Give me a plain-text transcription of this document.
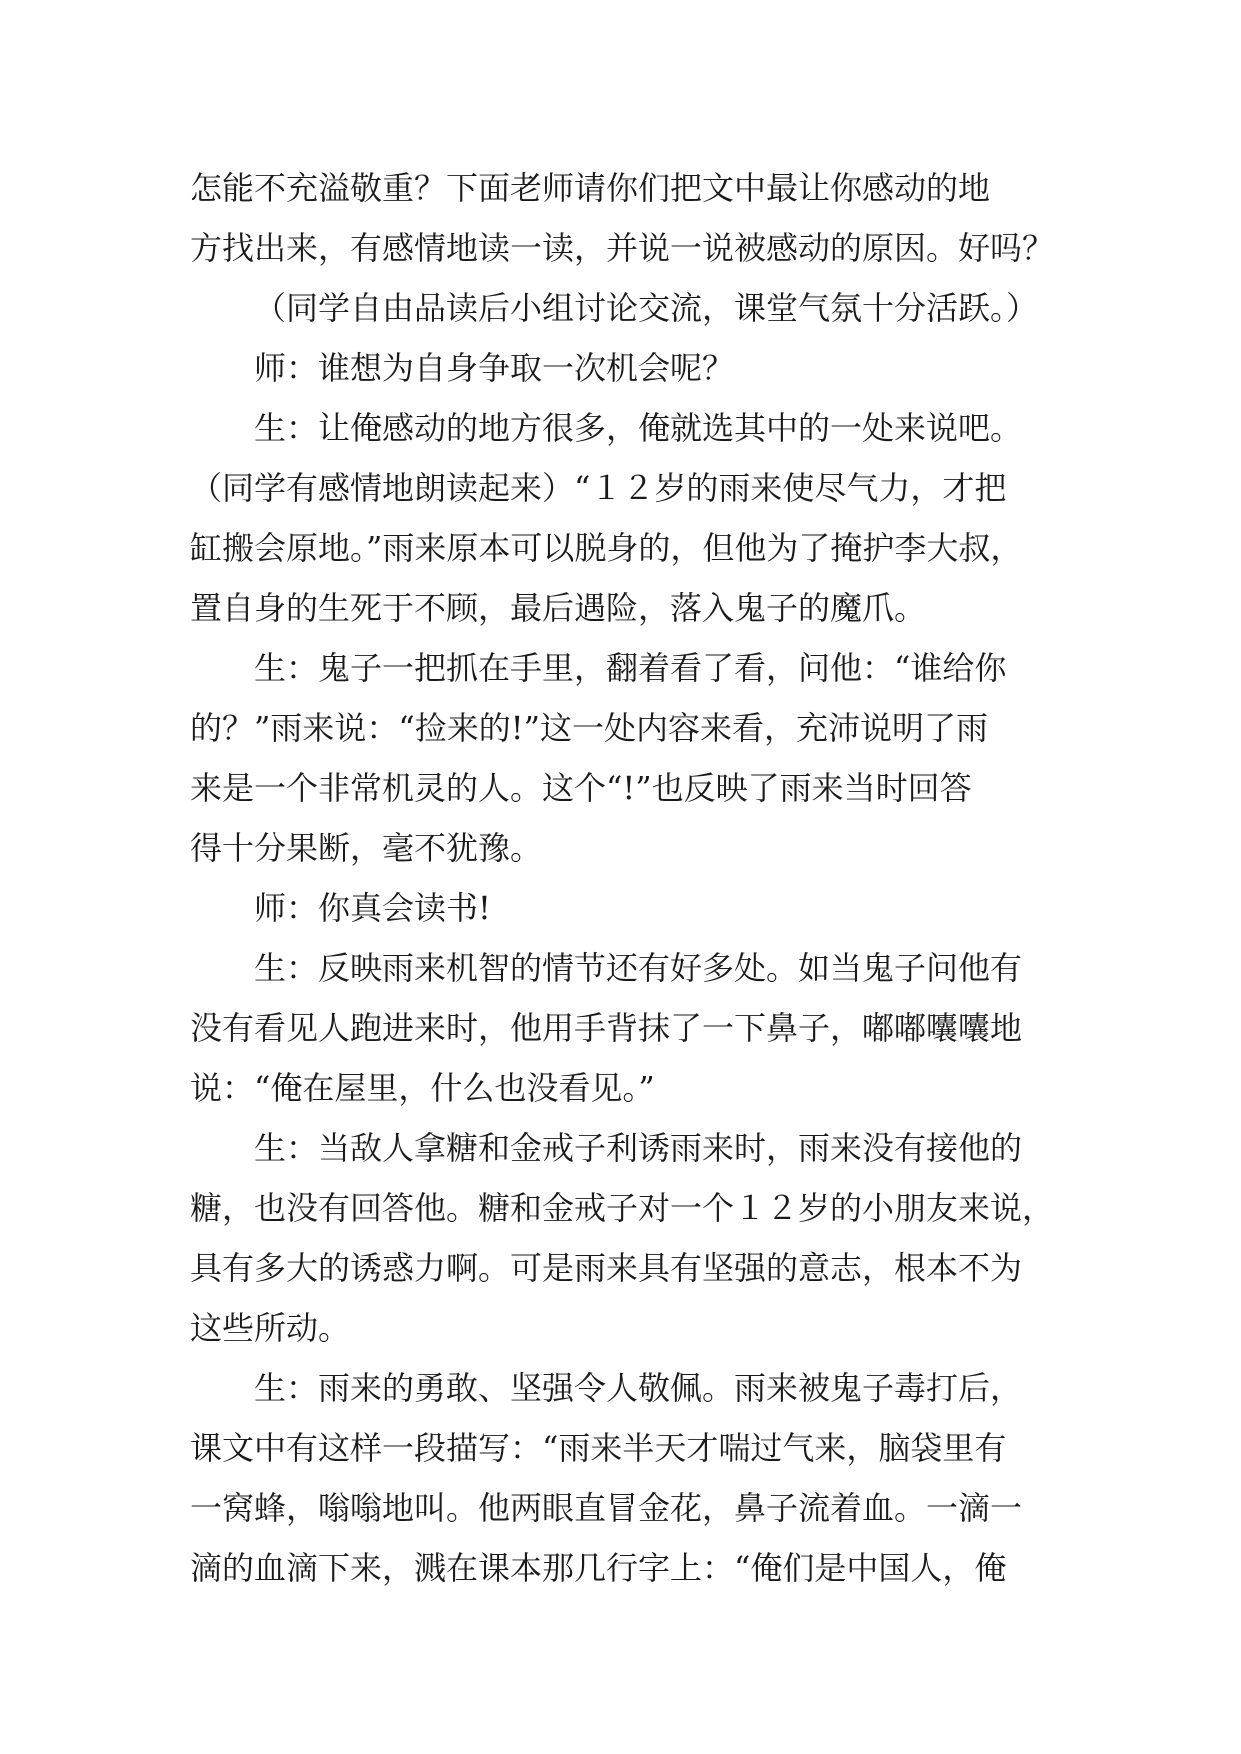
怎能不充溢敬重？下面老师请你们把文中最让你感动的地
方找出来，有感情地读一读，并说一说被感动的原因。好吗？
（同学自由品读后小组讨论交流，课堂气氛十分活跃。）
师：谁想为自身争取一次机会呢？
生：让俺感动的地方很多，俺就选其中的一处来说吧。
（同学有感情地朗读起来）“１２岁的雨来使尽气力，才把
缸搬会原地。”雨来原本可以脱身的，但他为了掩护李大叔，
置自身的生死于不顾，最后遇险，落入鬼子的魔爪。
生：鬼子一把抓在手里，翻着看了看，问他：“谁给你
的？”雨来说：“捡来的!”这一处内容来看，充沛说明了雨
来是一个非常机灵的人。这个“!”也反映了雨来当时回答
得十分果断，毫不犹豫。
师：你真会读书!
生：反映雨来机智的情节还有好多处。如当鬼子问他有
没有看见人跑进来时，他用手背抹了一下鼻子，嘟嘟囔囔地
说：“俺在屋里，什么也没看见。”
生：当敌人拿糖和金戒子利诱雨来时，雨来没有接他的
糖，也没有回答他。糖和金戒子对一个１２岁的小朋友来说，
具有多大的诱惑力啊。可是雨来具有坚强的意志，根本不为
这些所动。
生：雨来的勇敢、坚强令人敬佩。雨来被鬼子毒打后，
课文中有这样一段描写：“雨来半天才喘过气来，脑袋里有
一窝蜂，嗡嗡地叫。他两眼直冒金花，鼻子流着血。一滴一
滴的血滴下来，溅在课本那几行字上：“俺们是中国人，俺
